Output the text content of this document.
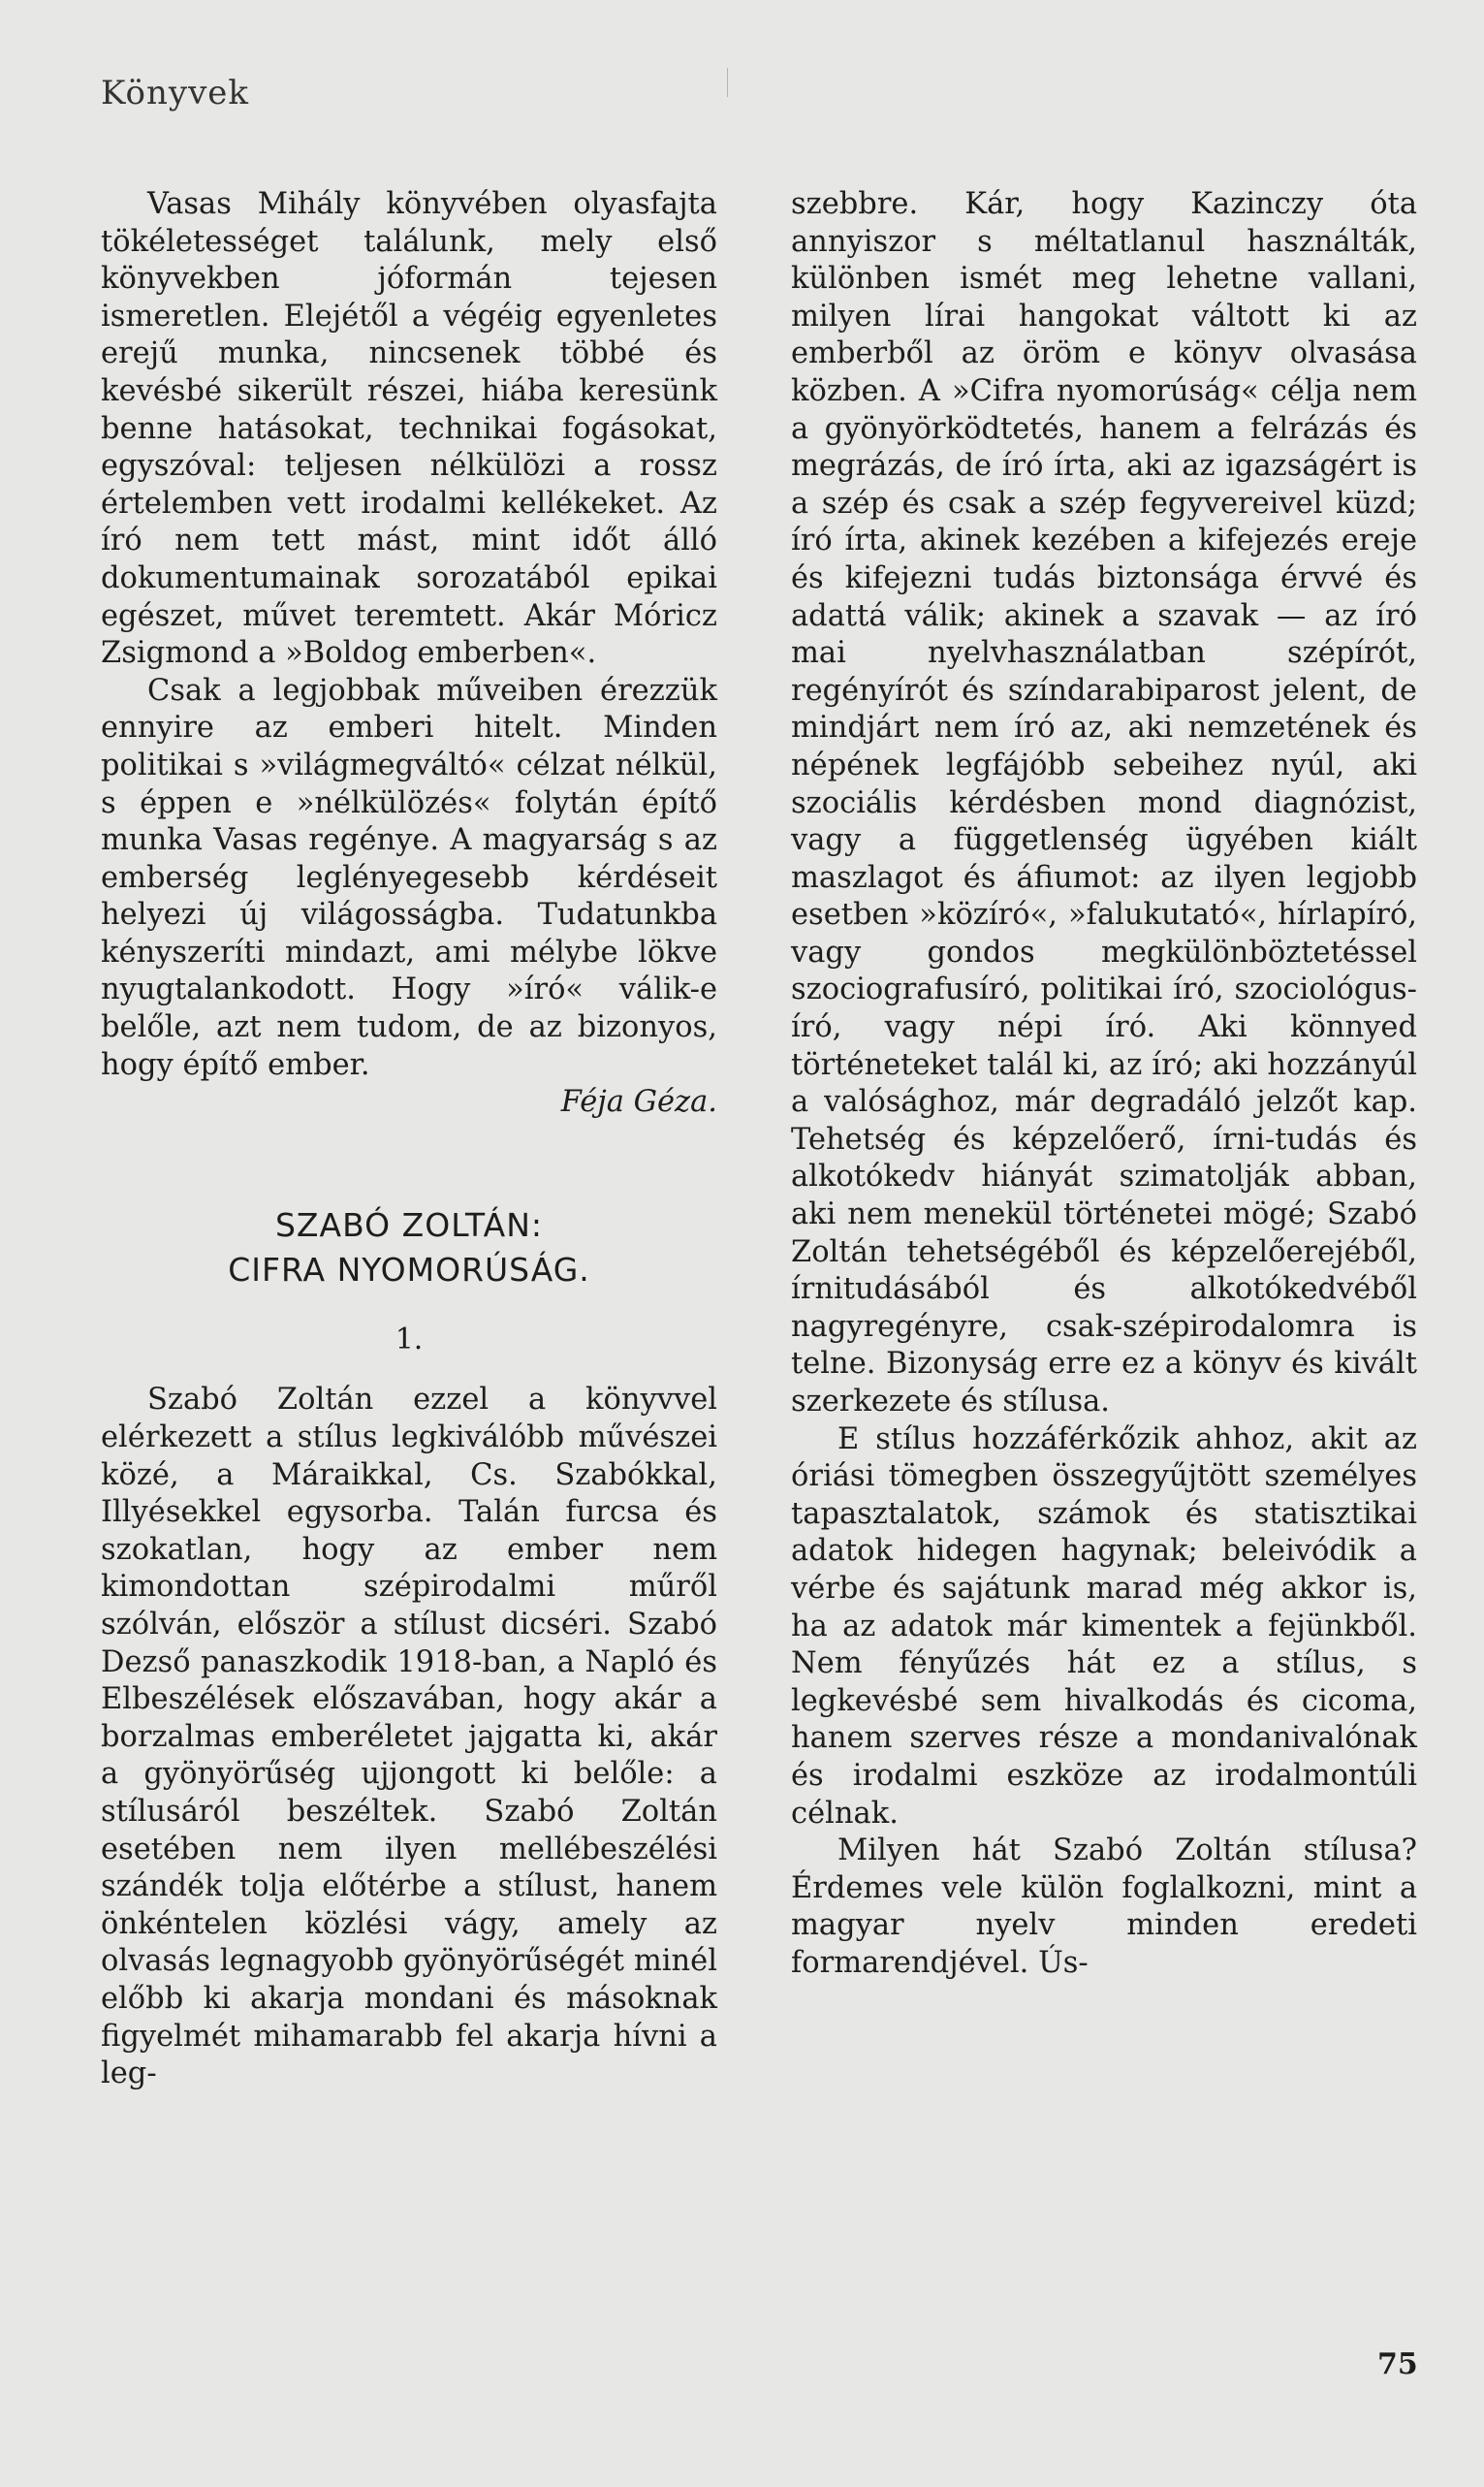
Könyvek

Vasas Mihály könyvében olyasfajta tökéletességet találunk, mely első könyvekben jóformán tejesen ismeretlen. Elejétől a végéig egyenletes erejű munka, nincsenek többé és kevésbé sikerült részei, hiába keresünk benne hatásokat, technikai fogásokat, egyszóval: teljesen nélkülözi a rossz értelemben vett irodalmi kellékeket. Az író nem tett mást, mint időt álló dokumentumainak sorozatából epikai egészet, művet teremtett. Akár Móricz Zsigmond a »Boldog emberben«.

Csak a legjobbak műveiben érezzük ennyire az emberi hitelt. Minden politikai s »világmegváltó« célzat nélkül, s éppen e »nélkülözés« folytán építő munka Vasas regénye. A magyarság s az emberség leglényegesebb kérdéseit helyezi új világosságba. Tudatunkba kényszeríti mindazt, ami mélybe lökve nyugtalankodott. Hogy »író« válik-e belőle, azt nem tudom, de az bizonyos, hogy építő ember.

Féja Géza.

SZABÓ ZOLTÁN:
CIFRA NYOMORÚSÁG.
1.

Szabó Zoltán ezzel a könyvvel elérkezett a stílus legkiválóbb művészei közé, a Máraikkal, Cs. Szabókkal, Illyésekkel egysorba. Talán furcsa és szokatlan, hogy az ember nem kimondottan szépirodalmi műről szólván, először a stílust dicséri. Szabó Dezső panaszkodik 1918-ban, a Napló és Elbeszélések előszavában, hogy akár a borzalmas emberéletet jajgatta ki, akár a gyönyörűség ujjongott ki belőle: a stílusáról beszéltek. Szabó Zoltán esetében nem ilyen mellébeszélési szándék tolja előtérbe a stílust, hanem önkéntelen közlési vágy, amely az olvasás legnagyobb gyönyörűségét minél előbb ki akarja mondani és másoknak figyelmét mihamarabb fel akarja hívni a leg-

szebbre. Kár, hogy Kazinczy óta annyiszor s méltatlanul használták, különben ismét meg lehetne vallani, milyen lírai hangokat váltott ki az emberből az öröm e könyv olvasása közben. A »Cifra nyomorúság« célja nem a gyönyörködtetés, hanem a felrázás és megrázás, de író írta, aki az igazságért is a szép és csak a szép fegyvereivel küzd; író írta, akinek kezében a kifejezés ereje és kifejezni tudás biztonsága érvvé és adattá válik; akinek a szavak — az író mai nyelvhasználatban szépírót, regényírót és színdarabiparost jelent, de mindjárt nem író az, aki nemzetének és népének legfájóbb sebeihez nyúl, aki szociális kérdésben mond diagnózist, vagy a függetlenség ügyében kiált maszlagot és áfiumot: az ilyen legjobb esetben »közíró«, »falukutató«, hírlapíró, vagy gondos megkülönböztetéssel szociografusíró, politikai író, szociológus-író, vagy népi író. Aki könnyed történeteket talál ki, az író; aki hozzányúl a valósághoz, már degradáló jelzőt kap. Tehetség és képzelőerő, írni-tudás és alkotókedv hiányát szimatolják abban, aki nem menekül történetei mögé; Szabó Zoltán tehetségéből és képzelőerejéből, írnitudásából és alkotókedvéből nagyregényre, csak-szépirodalomra is telne. Bizonyság erre ez a könyv és kivált szerkezete és stílusa.

E stílus hozzáférkőzik ahhoz, akit az óriási tömegben összegyűjtött személyes tapasztalatok, számok és statisztikai adatok hidegen hagynak; beleivódik a vérbe és sajátunk marad még akkor is, ha az adatok már kimentek a fejünkből. Nem fényűzés hát ez a stílus, s legkevésbé sem hivalkodás és cicoma, hanem szerves része a mondanivalónak és irodalmi eszköze az irodalmontúli célnak.

Milyen hát Szabó Zoltán stílusa? Érdemes vele külön foglalkozni, mint a magyar nyelv minden eredeti formarendjével. Ús-

75
